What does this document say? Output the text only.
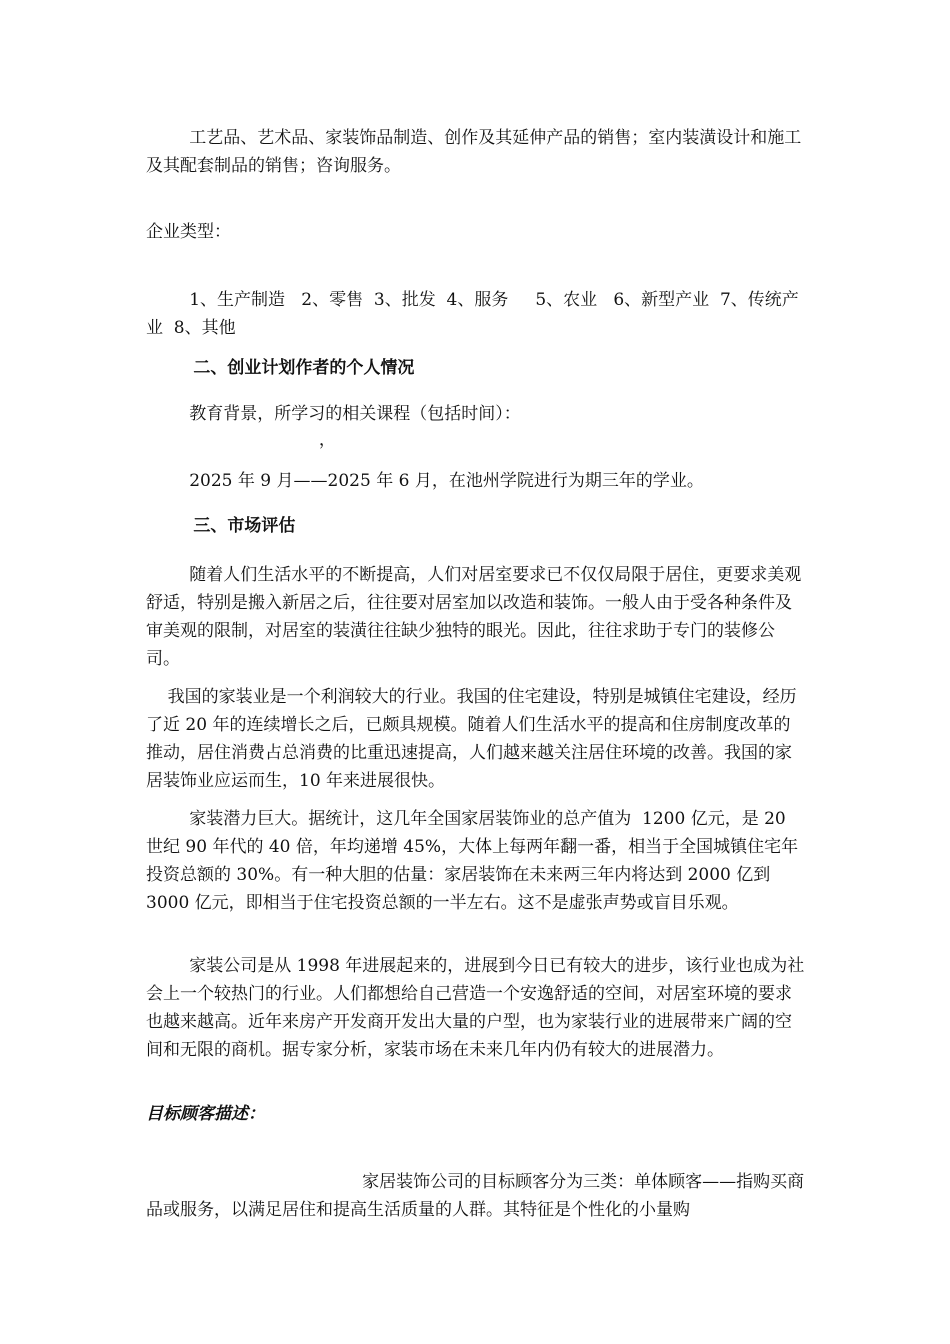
工艺品、艺术品、家装饰品制造、创作及其延伸产品的销售；室内装潢设计和施工及其配套制品的销售；咨询服务。

企业类型：

1、生产制造   2、零售  3、批发  4、服务     5、农业   6、新型产业  7、传统产业  8、其他

二、创业计划作者的个人情况

教育背景，所学习的相关课程（包括时间）：

，

2025 年 9 月——2025 年 6 月，在池州学院进行为期三年的学业。

三、市场评估

随着人们生活水平的不断提高，人们对居室要求已不仅仅局限于居住，更要求美观舒适，特别是搬入新居之后，往往要对居室加以改造和装饰。一般人由于受各种条件及审美观的限制，对居室的装潢往往缺少独特的眼光。因此，往往求助于专门的装修公司。

我国的家装业是一个利润较大的行业。我国的住宅建设，特别是城镇住宅建设，经历了近 20 年的连续增长之后，已颇具规模。随着人们生活水平的提高和住房制度改革的推动，居住消费占总消费的比重迅速提高，人们越来越关注居住环境的改善。我国的家居装饰业应运而生，10 年来进展很快。

家装潜力巨大。据统计，这几年全国家居装饰业的总产值为  1200 亿元，是 20 世纪 90 年代的 40 倍，年均递增 45%，大体上每两年翻一番，相当于全国城镇住宅年投资总额的 30%。有一种大胆的估量：家居装饰在未来两三年内将达到 2000 亿到 3000 亿元，即相当于住宅投资总额的一半左右。这不是虚张声势或盲目乐观。

家装公司是从 1998 年进展起来的，进展到今日已有较大的进步，该行业也成为社会上一个较热门的行业。人们都想给自己营造一个安逸舒适的空间，对居室环境的要求也越来越高。近年来房产开发商开发出大量的户型，也为家装行业的进展带来广阔的空间和无限的商机。据专家分析，家装市场在未来几年内仍有较大的进展潜力。

目标顾客描述：

家居装饰公司的目标顾客分为三类：单体顾客——指购买商品或服务，以满足居住和提高生活质量的人群。其特征是个性化的小量购
